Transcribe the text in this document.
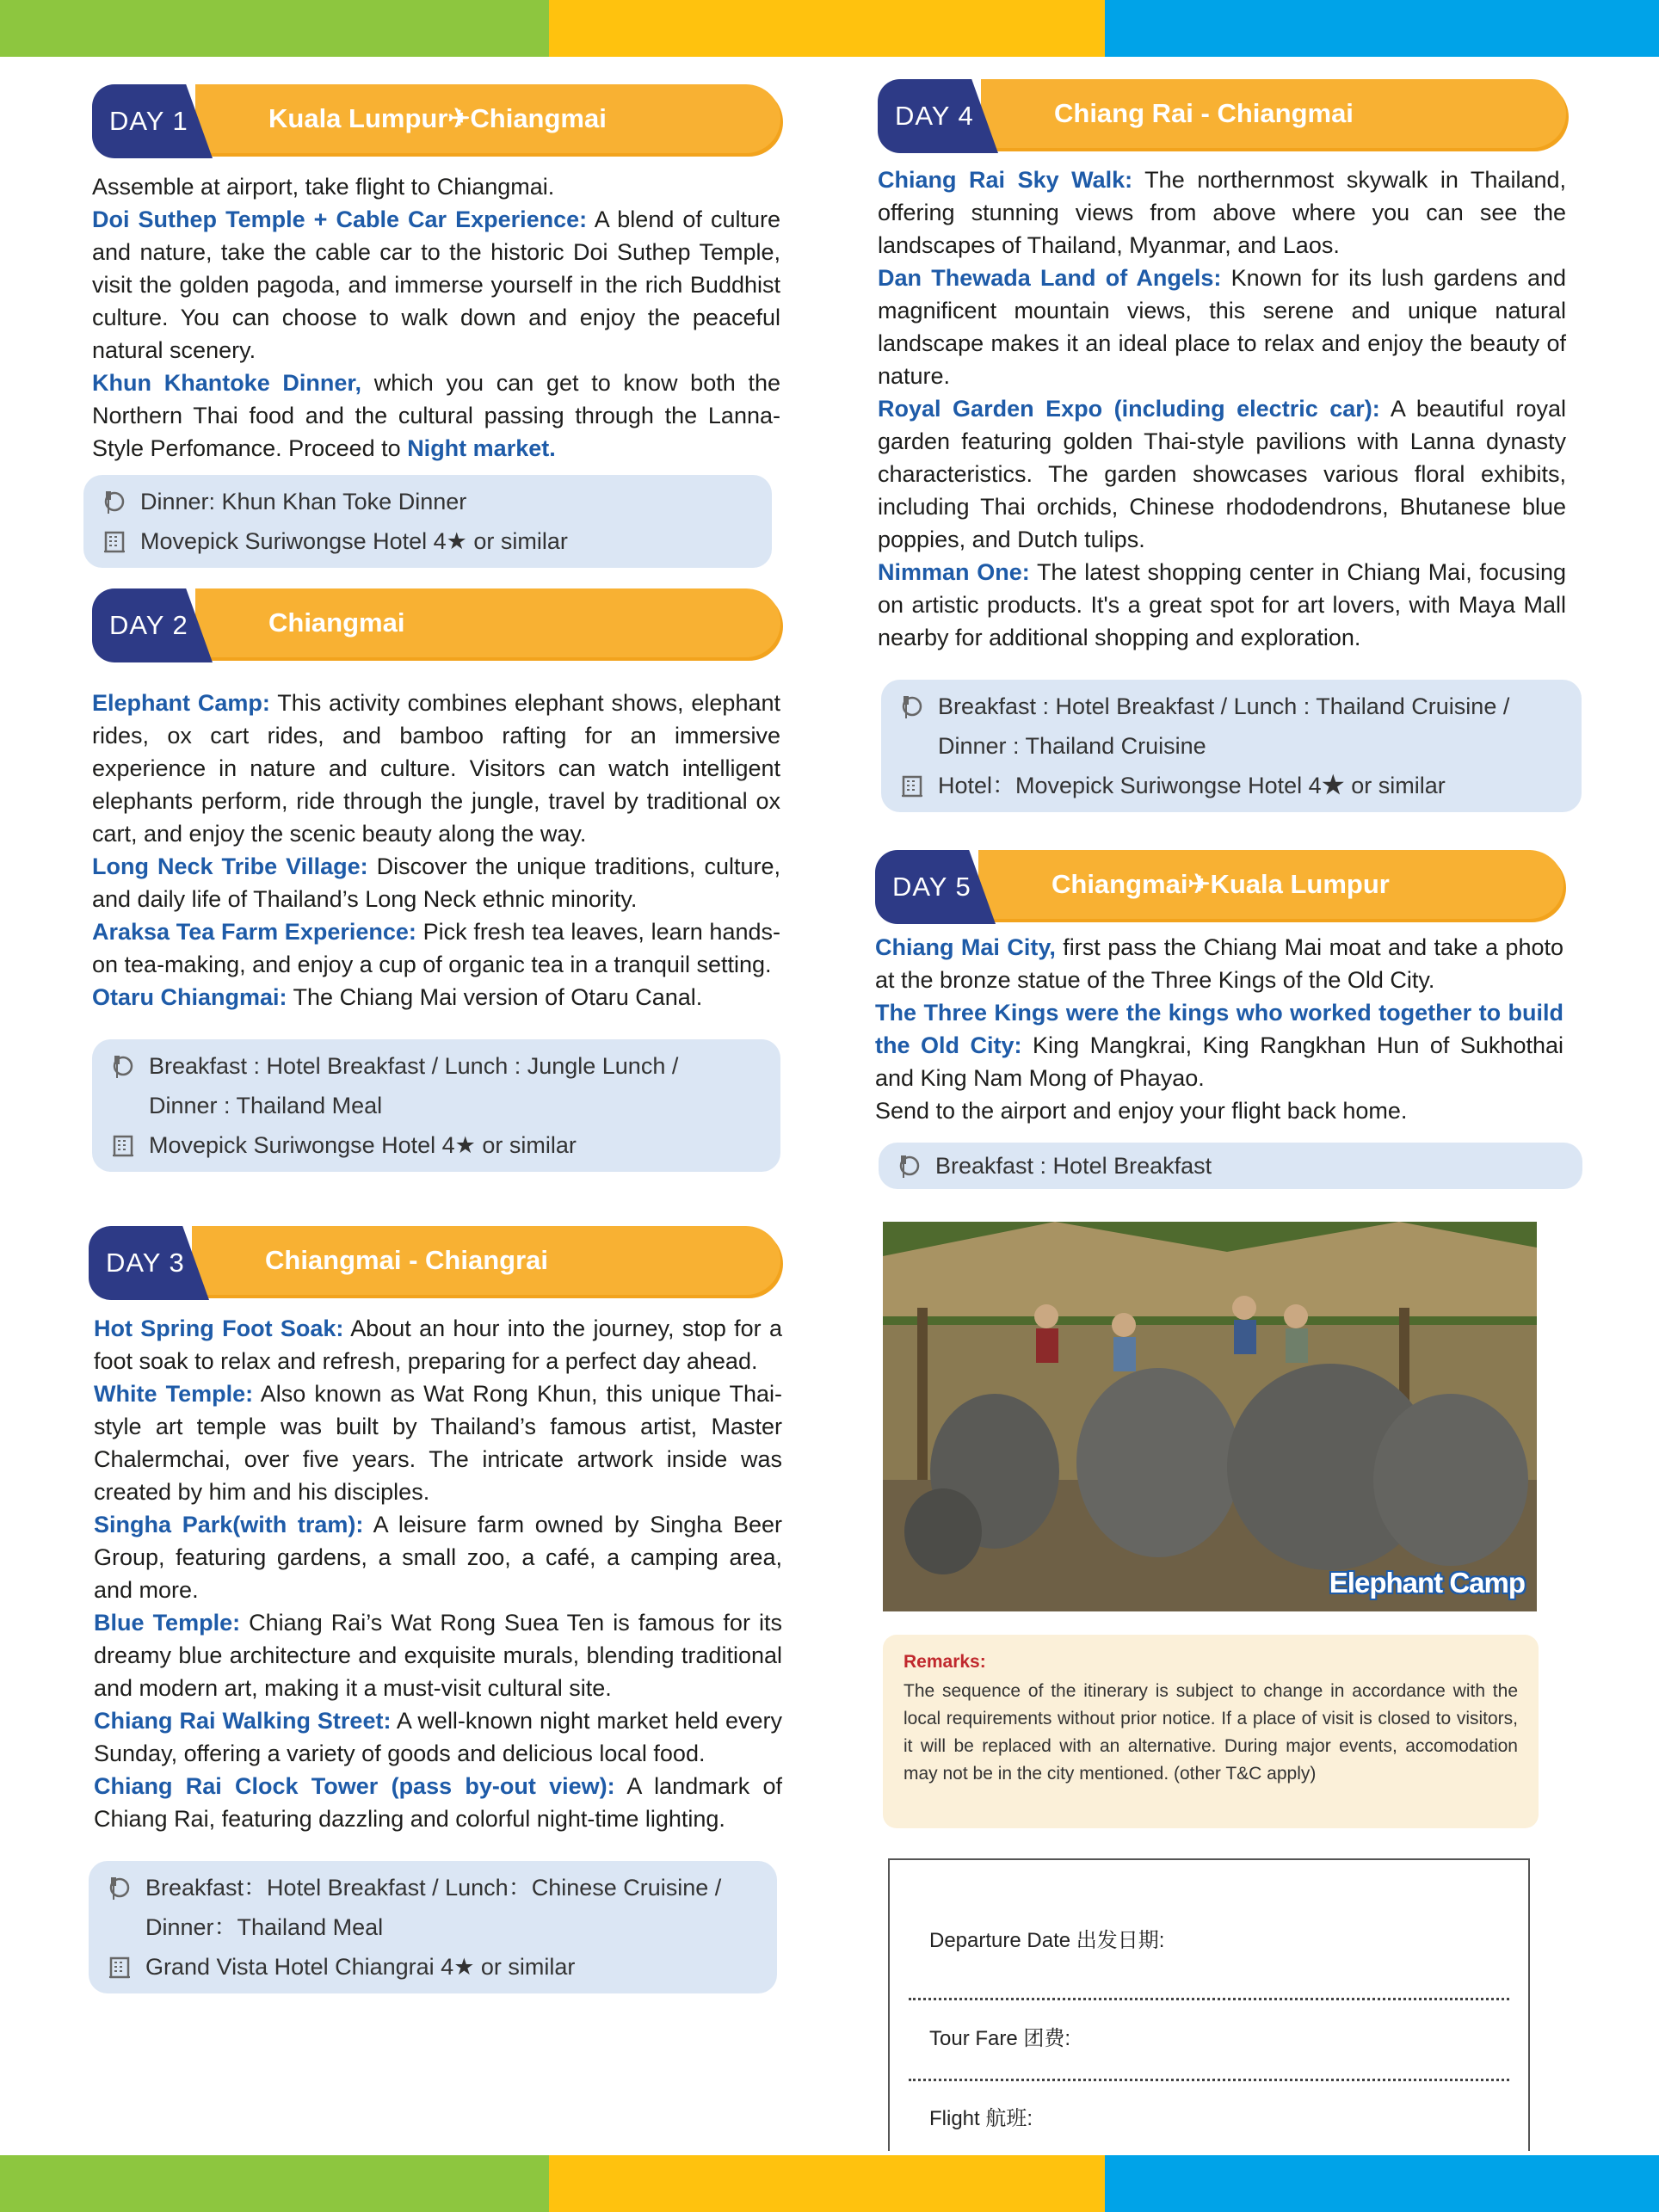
DAY 1	Kuala Lumpur✈Chiangmai

Assemble at airport, take flight to Chiangmai.

Doi Suthep Temple + Cable Car Experience: A blend of culture and nature, take the cable car to the historic Doi Suthep Temple, visit the golden pagoda, and immerse yourself in the rich Buddhist culture. You can choose to walk down and enjoy the peaceful natural scenery.

Khun Khantoke Dinner, which you can get to know both the Northern Thai food and the cultural passing through the Lanna-Style Perfomance. Proceed to Night market.

Dinner: Khun Khan Toke Dinner
Movepick Suriwongse Hotel 4★ or similar
DAY 2	Chiangmai

Elephant Camp: This activity combines elephant shows, elephant rides, ox cart rides, and bamboo rafting for an immersive experience in nature and culture. Visitors can watch intelligent elephants perform, ride through the jungle, travel by traditional ox cart, and enjoy the scenic beauty along the way.

Long Neck Tribe Village: Discover the unique traditions, culture, and daily life of Thailand’s Long Neck ethnic minority.

Araksa Tea Farm Experience: Pick fresh tea leaves, learn hands-on tea-making, and enjoy a cup of organic tea in a tranquil setting.

Otaru Chiangmai: The Chiang Mai version of Otaru Canal.

Breakfast : Hotel Breakfast / Lunch : Jungle Lunch /
Dinner : Thailand Meal
Movepick Suriwongse Hotel 4★ or similar
DAY 3	Chiangmai - Chiangrai

Hot Spring Foot Soak: About an hour into the journey, stop for a foot soak to relax and refresh, preparing for a perfect day ahead.

White Temple: Also known as Wat Rong Khun, this unique Thai-style art temple was built by Thailand’s famous artist, Master Chalermchai, over five years. The intricate artwork inside was created by him and his disciples.

Singha Park(with tram): A leisure farm owned by Singha Beer Group, featuring gardens, a small zoo, a café, a camping area, and more.

Blue Temple: Chiang Rai’s Wat Rong Suea Ten is famous for its dreamy blue architecture and exquisite murals, blending traditional and modern art, making it a must-visit cultural site.

Chiang Rai Walking Street: A well-known night market held every Sunday, offering a variety of goods and delicious local food.

Chiang Rai Clock Tower (pass by-out view): A landmark of Chiang Rai, featuring dazzling and colorful night-time lighting.

Breakfast：Hotel Breakfast / Lunch：Chinese Cruisine /
Dinner：Thailand Meal
Grand Vista Hotel Chiangrai 4★ or similar
DAY 4	Chiang Rai - Chiangmai

Chiang Rai Sky Walk: The northernmost skywalk in Thailand, offering stunning views from above where you can see the landscapes of Thailand, Myanmar, and Laos.

Dan Thewada Land of Angels: Known for its lush gardens and magnificent mountain views, this serene and unique natural landscape makes it an ideal place to relax and enjoy the beauty of nature.

Royal Garden Expo (including electric car): A beautiful royal garden featuring golden Thai-style pavilions with Lanna dynasty characteristics. The garden showcases various floral exhibits, including Thai orchids, Chinese rhododendrons, Bhutanese blue poppies, and Dutch tulips.

Nimman One: The latest shopping center in Chiang Mai, focusing on artistic products. It's a great spot for art lovers, with Maya Mall nearby for additional shopping and exploration.

Breakfast : Hotel Breakfast / Lunch : Thailand Cruisine /
Dinner : Thailand Cruisine
Hotel：Movepick Suriwongse Hotel 4★ or similar
DAY 5	Chiangmai✈Kuala Lumpur

Chiang Mai City, first pass the Chiang Mai moat and take a photo at the bronze statue of the Three Kings of the Old City.

The Three Kings were the kings who worked together to build the Old City: King Mangkrai, King Rangkhan Hun of Sukhothai and King Nam Mong of Phayao.

Send to the airport and enjoy your flight back home.

Breakfast : Hotel Breakfast
Elephant Camp
Remarks:
The sequence of the itinerary is subject to change in accordance with the local requirements without prior notice. If a place of visit is closed to visitors, it will be replaced with an alternative. During major events, accomodation may not be in the city mentioned. (other T&C apply)
Departure Date 出发日期:
Tour Fare 团费:
Flight 航班:
